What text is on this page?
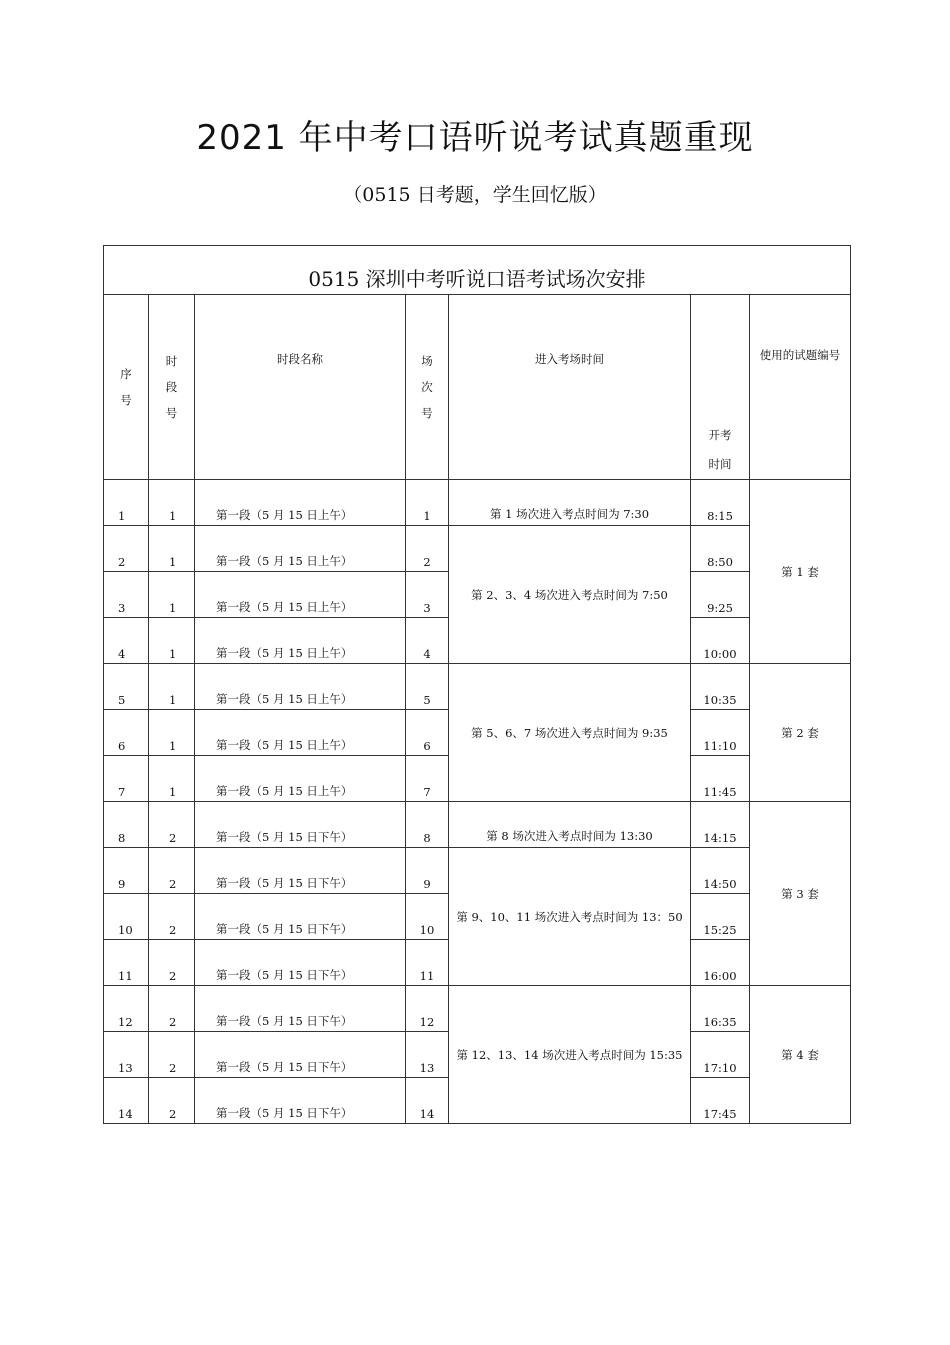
2021 年中考口语听说考试真题重现
（0515 日考题，学生回忆版）
0515 深圳中考听说口语考试场次安排						

序
号	时
段
号	时段名称	场
次
号	进入考场时间	开考
时间	使用的试题编号
1	1	第一段（5 月 15 日上午）	1	第 1 场次进入考点时间为 7:30	8:15	第 1 套
2	1	第一段（5 月 15 日上午）	2	第 2、3、4 场次进入考点时间为 7:50	8:50	
3	1	第一段（5 月 15 日上午）	3		9:25	
4	1	第一段（5 月 15 日上午）	4		10:00	
5	1	第一段（5 月 15 日上午）	5	第 5、6、7 场次进入考点时间为 9:35	10:35	第 2 套
6	1	第一段（5 月 15 日上午）	6		11:10	
7	1	第一段（5 月 15 日上午）	7		11:45	
8	2	第一段（5 月 15 日下午）	8	第 8 场次进入考点时间为 13:30	14:15	第 3 套
9	2	第一段（5 月 15 日下午）	9	第 9、10、11 场次进入考点时间为 13：50	14:50	
10	2	第一段（5 月 15 日下午）	10		15:25	
11	2	第一段（5 月 15 日下午）	11		16:00	
12	2	第一段（5 月 15 日下午）	12	第 12、13、14 场次进入考点时间为 15:35	16:35	第 4 套
13	2	第一段（5 月 15 日下午）	13		17:10	
14	2	第一段（5 月 15 日下午）	14		17:45	
